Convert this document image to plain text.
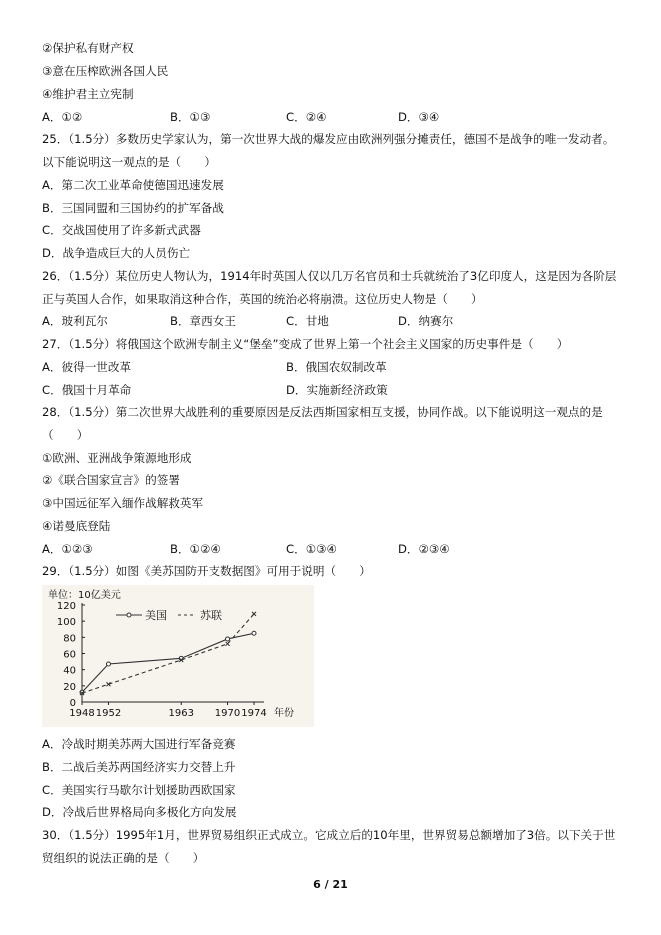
②保护私有财产权
③意在压榨欧洲各国人民
④维护君主立宪制
A．①②	B．①③	C．②④	D．③④
25．（1.5分）多数历史学家认为，第一次世界大战的爆发应由欧洲列强分摊责任，德国不是战争的唯一发动者。
以下能说明这一观点的是（　　）
A．第二次工业革命使德国迅速发展
B．三国同盟和三国协约的扩军备战
C．交战国使用了许多新式武器
D．战争造成巨大的人员伤亡
26．（1.5分）某位历史人物认为，1914年时英国人仅以几万名官员和士兵就统治了3亿印度人，这是因为各阶层
正与英国人合作，如果取消这种合作，英国的统治必将崩溃。这位历史人物是（　　）
A．玻利瓦尔	B．章西女王	C．甘地	D．纳赛尔
27．（1.5分）将俄国这个欧洲专制主义“堡垒”变成了世界上第一个社会主义国家的历史事件是（　　）
A．彼得一世改革	B．俄国农奴制改革
C．俄国十月革命	D．实施新经济政策
28．（1.5分）第二次世界大战胜利的重要原因是反法西斯国家相互支援，协同作战。以下能说明这一观点的是
（　　）
①欧洲、亚洲战争策源地形成
②《联合国家宣言》的签署
③中国远征军入缅作战解救英军
④诺曼底登陆
A．①②③	B．①②④	C．①③④	D．②③④
29．（1.5分）如图《美苏国防开支数据图》可用于说明（　　）
单位：10亿美元
0
20
40
60
80
100
120
1948 1952	1963 1970 1974 年份
美国	苏联
A．冷战时期美苏两大国进行军备竞赛
B．二战后美苏两国经济实力交替上升
C．美国实行马歇尔计划援助西欧国家
D．冷战后世界格局向多极化方向发展
30．（1.5分）1995年1月，世界贸易组织正式成立。它成立后的10年里，世界贸易总额增加了3倍。以下关于世
贸组织的说法正确的是（　　）
6 / 21
